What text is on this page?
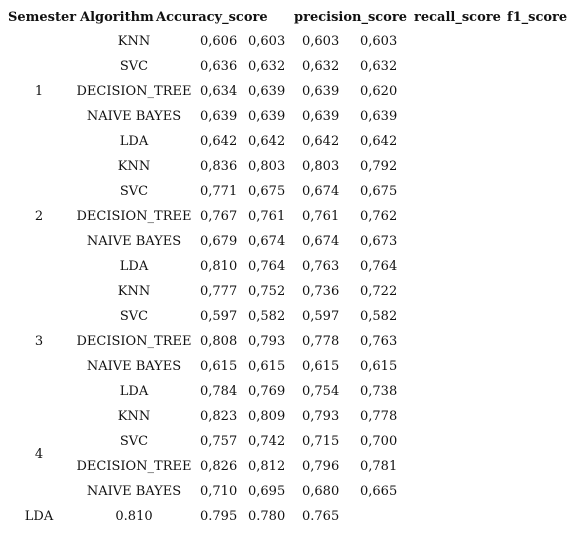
Semester Algorithm Accuracy_score precision_score recall_score f1_score
KNN	0,606 0,603 0,603 0,603
SVC	0,636 0,632 0,632 0,632
DECISION_TREE 0,634 0,639 0,639 0,620
NAIVE BAYES	0,639 0,639 0,639 0,639
LDA	0,642 0,642 0,642 0,642
1
KNN	0,836 0,803 0,803 0,792
SVC	0,771 0,675 0,674 0,675
DECISION_TREE 0,767 0,761 0,761 0,762
NAIVE BAYES	0,679 0,674 0,674 0,673
LDA	0,810 0,764 0,763 0,764
2
KNN	0,777 0,752 0,736 0,722
SVC	0,597 0,582 0,597 0,582
DECISION_TREE 0,808 0,793 0,778 0,763
NAIVE BAYES	0,615 0,615 0,615 0,615
LDA	0,784 0,769 0,754 0,738
3
KNN	0,823 0,809 0,793 0,778
SVC	0,757 0,742 0,715 0,700
DECISION_TREE 0,826 0,812 0,796 0,781
NAIVE BAYES	0,710 0,695 0,680 0,665
4
LDA	0.810	0.795 0.780 0.765
